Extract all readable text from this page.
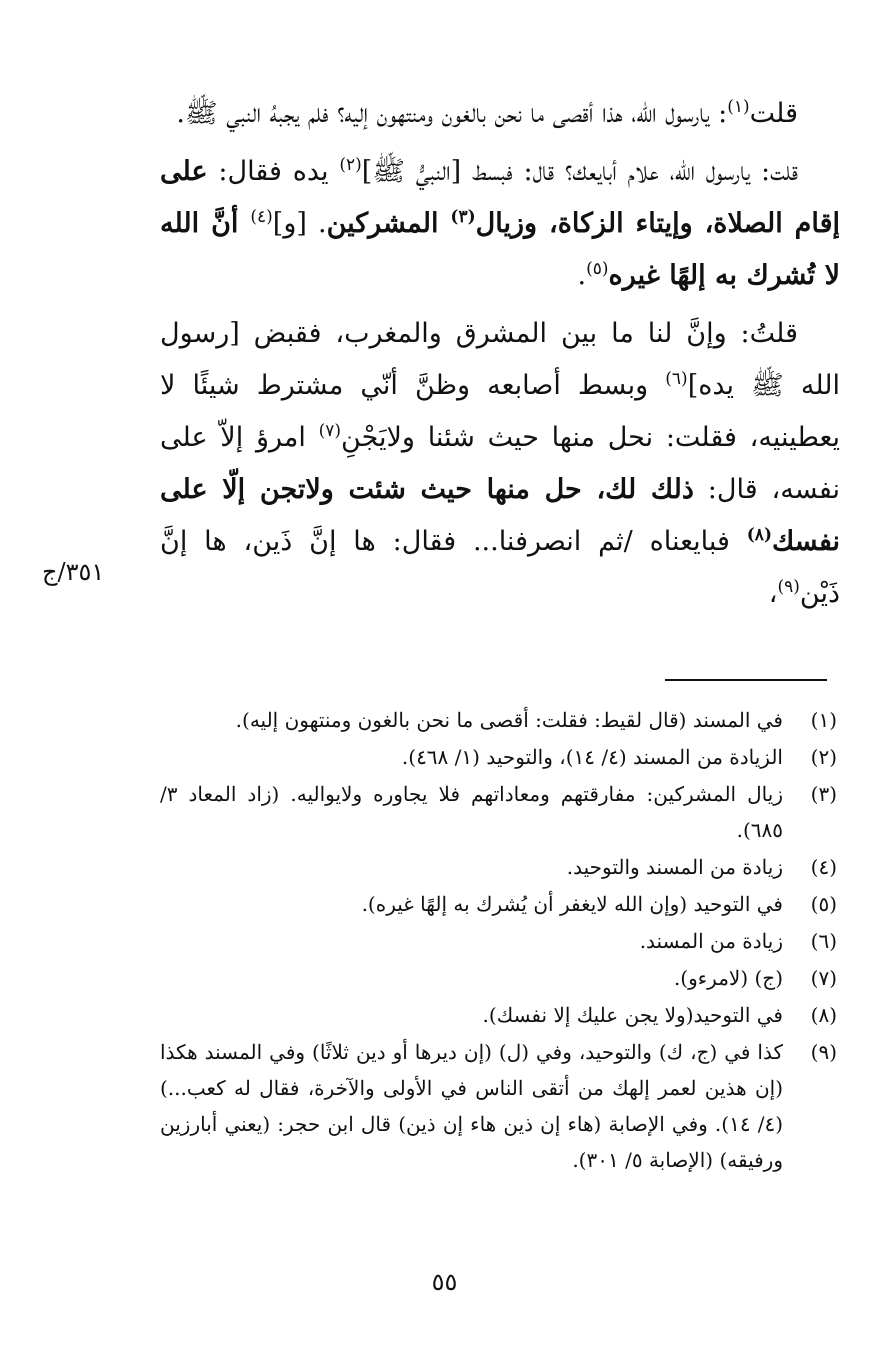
قلت$^{(١)}$: يارسول الله، هذا أقصى ما نحن بالغون ومنتهون إليه؟ فلم يجبهُ النبي ﷺ.

قلت: يارسول الله، علام أبايعك؟ قال: فبسط [النبيُّ ﷺ]$^{(٢)}$ يده فقال: على إقام الصلاة، وإيتاء الزكاة، وزيال$^{(٣)}$ المشركين. [و]$^{(٤)}$ أنَّ الله لا تُشرك به إلهًا غيره$^{(٥)}$.

قلتُ: وإنَّ لنا ما بين المشرق والمغرب، فقبض [رسول الله ﷺ يده]$^{(٦)}$ وبسط أصابعه وظنَّ أنّي مشترط شيئًا لا يعطينيه، فقلت: نحل منها حيث شئنا ولايَجْنِ$^{(٧)}$ امرؤ إلاّ على نفسه، قال: ذلك لك، حل منها حيث شئت ولاتجن إلّا على نفسك$^{(٨)}$ فبايعناه /ثم انصرفنا... فقال: ها إنَّ ذَين، ها إنَّ ذَيْن$^{(٩)}$،

٣٥١/ج
(١)
في المسند (قال لقيط: فقلت: أقصى ما نحن بالغون ومنتهون إليه).
(٢)
الزيادة من المسند (٤/ ١٤)، والتوحيد (١/ ٤٦٨).
(٣)
زيال المشركين: مفارقتهم ومعاداتهم فلا يجاوره ولايواليه. (زاد المعاد ٣/ ٦٨٥).
(٤)
زيادة من المسند والتوحيد.
(٥)
في التوحيد (وإن الله لايغفر أن يُشرك به إلهًا غيره).
(٦)
زيادة من المسند.
(٧)
(ج) (لامرءو).
(٨)
في التوحيد(ولا يجن عليك إلا نفسك).
(٩)
كذا في (ج، ك) والتوحيد، وفي (ل) (إن ديرها أو دين ثلاثًا) وفي المسند هكذا (إن هذين لعمر إلهك من أتقى الناس في الأولى والآخرة، فقال له كعب...) (٤/ ١٤). وفي الإصابة (هاء إن ذين هاء إن ذين) قال ابن حجر: (يعني أبارزين ورفيقه) (الإصابة ٥/ ٣٠١).
٥٥
